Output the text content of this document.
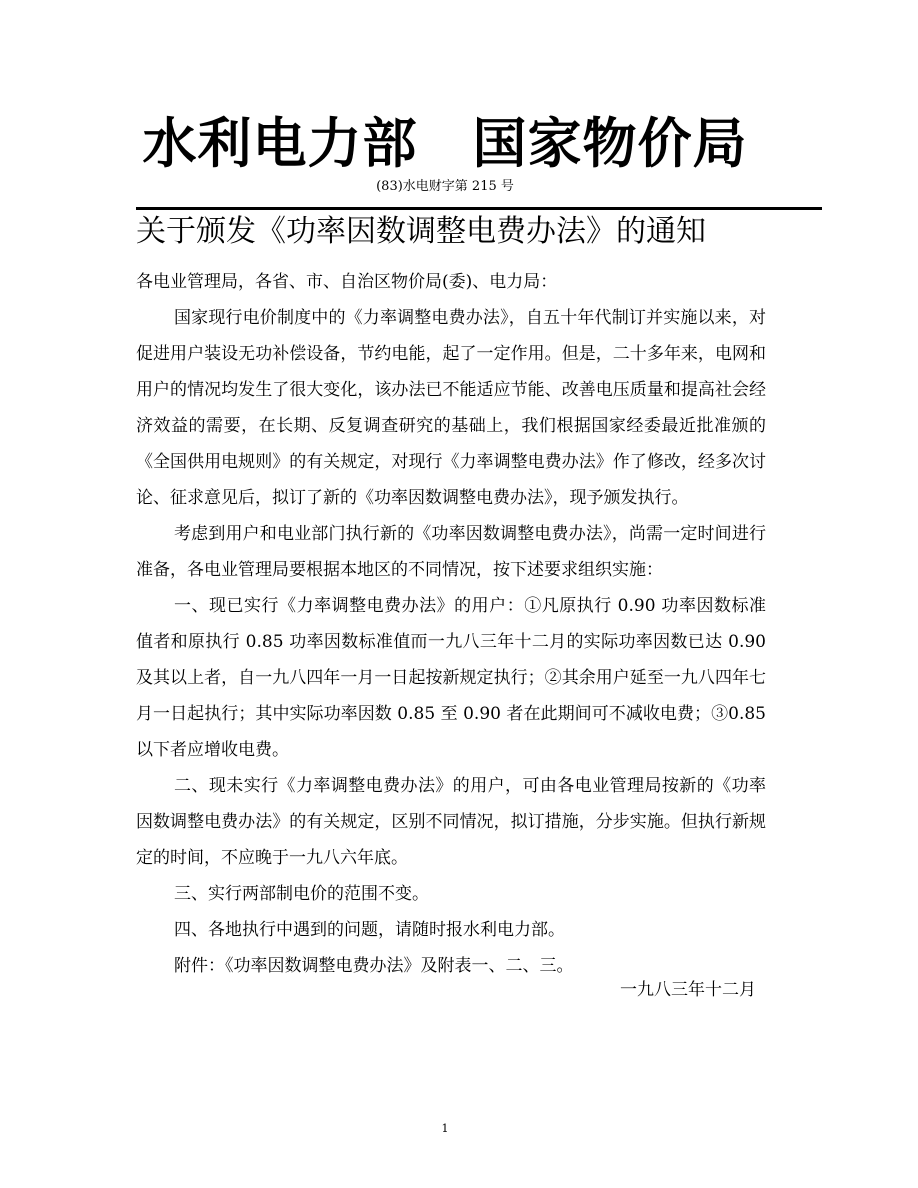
水利电力部　国家物价局
(83)水电财字第 215 号
关于颁发《功率因数调整电费办法》的通知

各电业管理局，各省、市、自治区物价局(委)、电力局：

国家现行电价制度中的《力率调整电费办法》，自五十年代制订并实施以来，对促进用户装设无功补偿设备，节约电能，起了一定作用。但是，二十多年来，电网和用户的情况均发生了很大变化，该办法已不能适应节能、改善电压质量和提高社会经济效益的需要，在长期、反复调查研究的基础上，我们根据国家经委最近批准颁的《全国供用电规则》的有关规定，对现行《力率调整电费办法》作了修改，经多次讨论、征求意见后，拟订了新的《功率因数调整电费办法》，现予颁发执行。

考虑到用户和电业部门执行新的《功率因数调整电费办法》，尚需一定时间进行准备，各电业管理局要根据本地区的不同情况，按下述要求组织实施：

一、现已实行《力率调整电费办法》的用户：①凡原执行 0.90 功率因数标准值者和原执行 0.85 功率因数标准值而一九八三年十二月的实际功率因数已达 0.90 及其以上者，自一九八四年一月一日起按新规定执行；②其余用户延至一九八四年七月一日起执行；其中实际功率因数 0.85 至 0.90 者在此期间可不减收电费；③0.85 以下者应增收电费。

二、现未实行《力率调整电费办法》的用户，可由各电业管理局按新的《功率因数调整电费办法》的有关规定，区别不同情况，拟订措施，分步实施。但执行新规定的时间，不应晚于一九八六年底。

三、实行两部制电价的范围不变。

四、各地执行中遇到的问题，请随时报水利电力部。

附件：《功率因数调整电费办法》及附表一、二、三。

一九八三年十二月
1
